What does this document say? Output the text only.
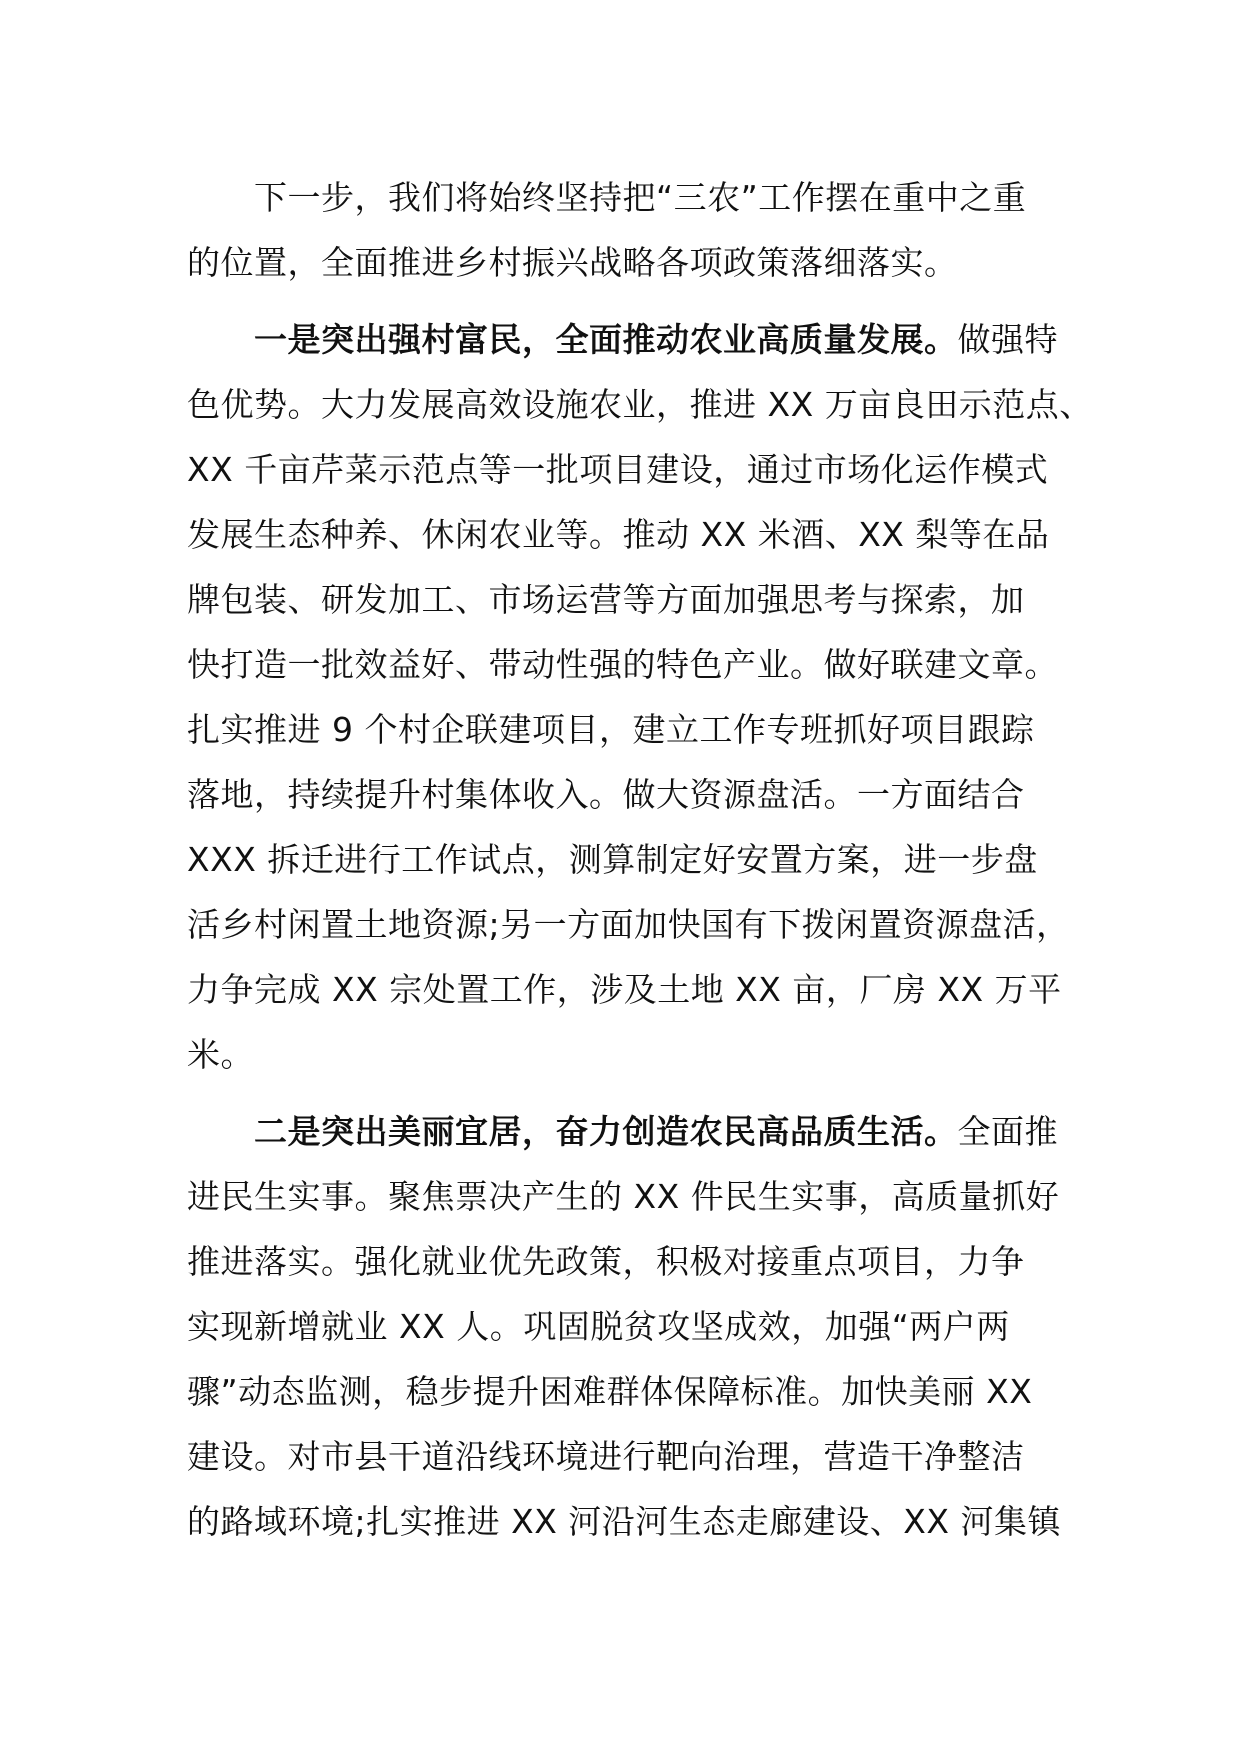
　　下一步，我们将始终坚持把“三农”工作摆在重中之重
的位置，全面推进乡村振兴战略各项政策落细落实。
　　一是突出强村富民，全面推动农业高质量发展。做强特
色优势。大力发展高效设施农业，推进 XX 万亩良田示范点、
XX 千亩芹菜示范点等一批项目建设，通过市场化运作模式
发展生态种养、休闲农业等。推动 XX 米酒、XX 梨等在品
牌包装、研发加工、市场运营等方面加强思考与探索，加
快打造一批效益好、带动性强的特色产业。做好联建文章。
扎实推进 9 个村企联建项目，建立工作专班抓好项目跟踪
落地，持续提升村集体收入。做大资源盘活。一方面结合
XXX 拆迁进行工作试点，测算制定好安置方案，进一步盘
活乡村闲置土地资源;另一方面加快国有下拨闲置资源盘活，
力争完成 XX 宗处置工作，涉及土地 XX 亩，厂房 XX 万平
米。
　　二是突出美丽宜居，奋力创造农民高品质生活。全面推
进民生实事。聚焦票决产生的 XX 件民生实事，高质量抓好
推进落实。强化就业优先政策，积极对接重点项目，力争
实现新增就业 XX 人。巩固脱贫攻坚成效，加强“两户两
骤”动态监测，稳步提升困难群体保障标准。加快美丽 XX
建设。对市县干道沿线环境进行靶向治理，营造干净整洁
的路域环境;扎实推进 XX 河沿河生态走廊建设、XX 河集镇
